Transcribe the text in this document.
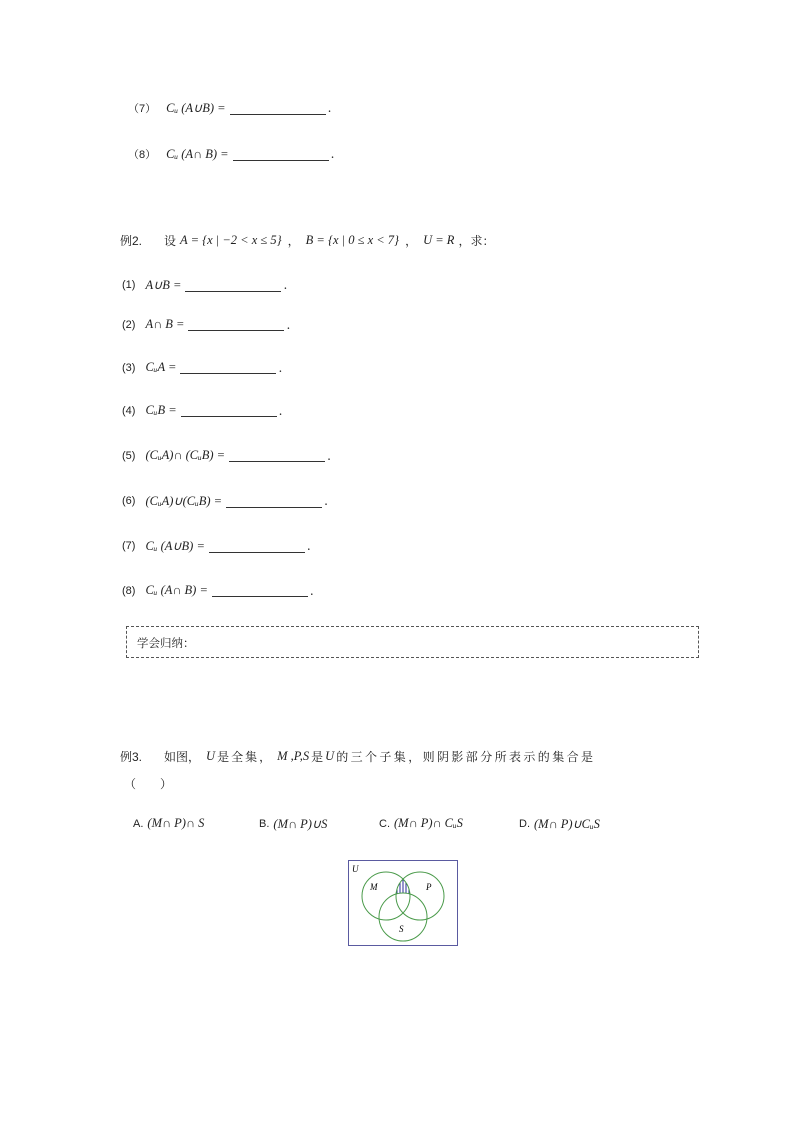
（7） Cᵤ (A∪B) =	.
（8） Cᵤ (A∩ B) =	.
例2. 设 A = {x | −2 < x ≤ 5} ， B = {x | 0 ≤ x < 7} ， U = R ， 求：
(1) A∪B =	.
(2) A∩ B =	.
(3) CᵤA =	.
(4) CᵤB =	.
(5) (CᵤA)∩ (CᵤB) =	.
(6) (CᵤA)∪(CᵤB) =	.
(7) Cᵤ (A∪B) =	.
(8) Cᵤ (A∩ B) =	.
学会归纳：
例3. 如图， U 是全集， M ,P,S 是 U 的三个子集，则阴影部分所表示的集合是
（　　）
A. (M∩ P)∩ S	B. (M∩ P)∪S	C. (M∩ P)∩ CᵤS	D. (M∩ P)∪CᵤS
U
M	P
S
